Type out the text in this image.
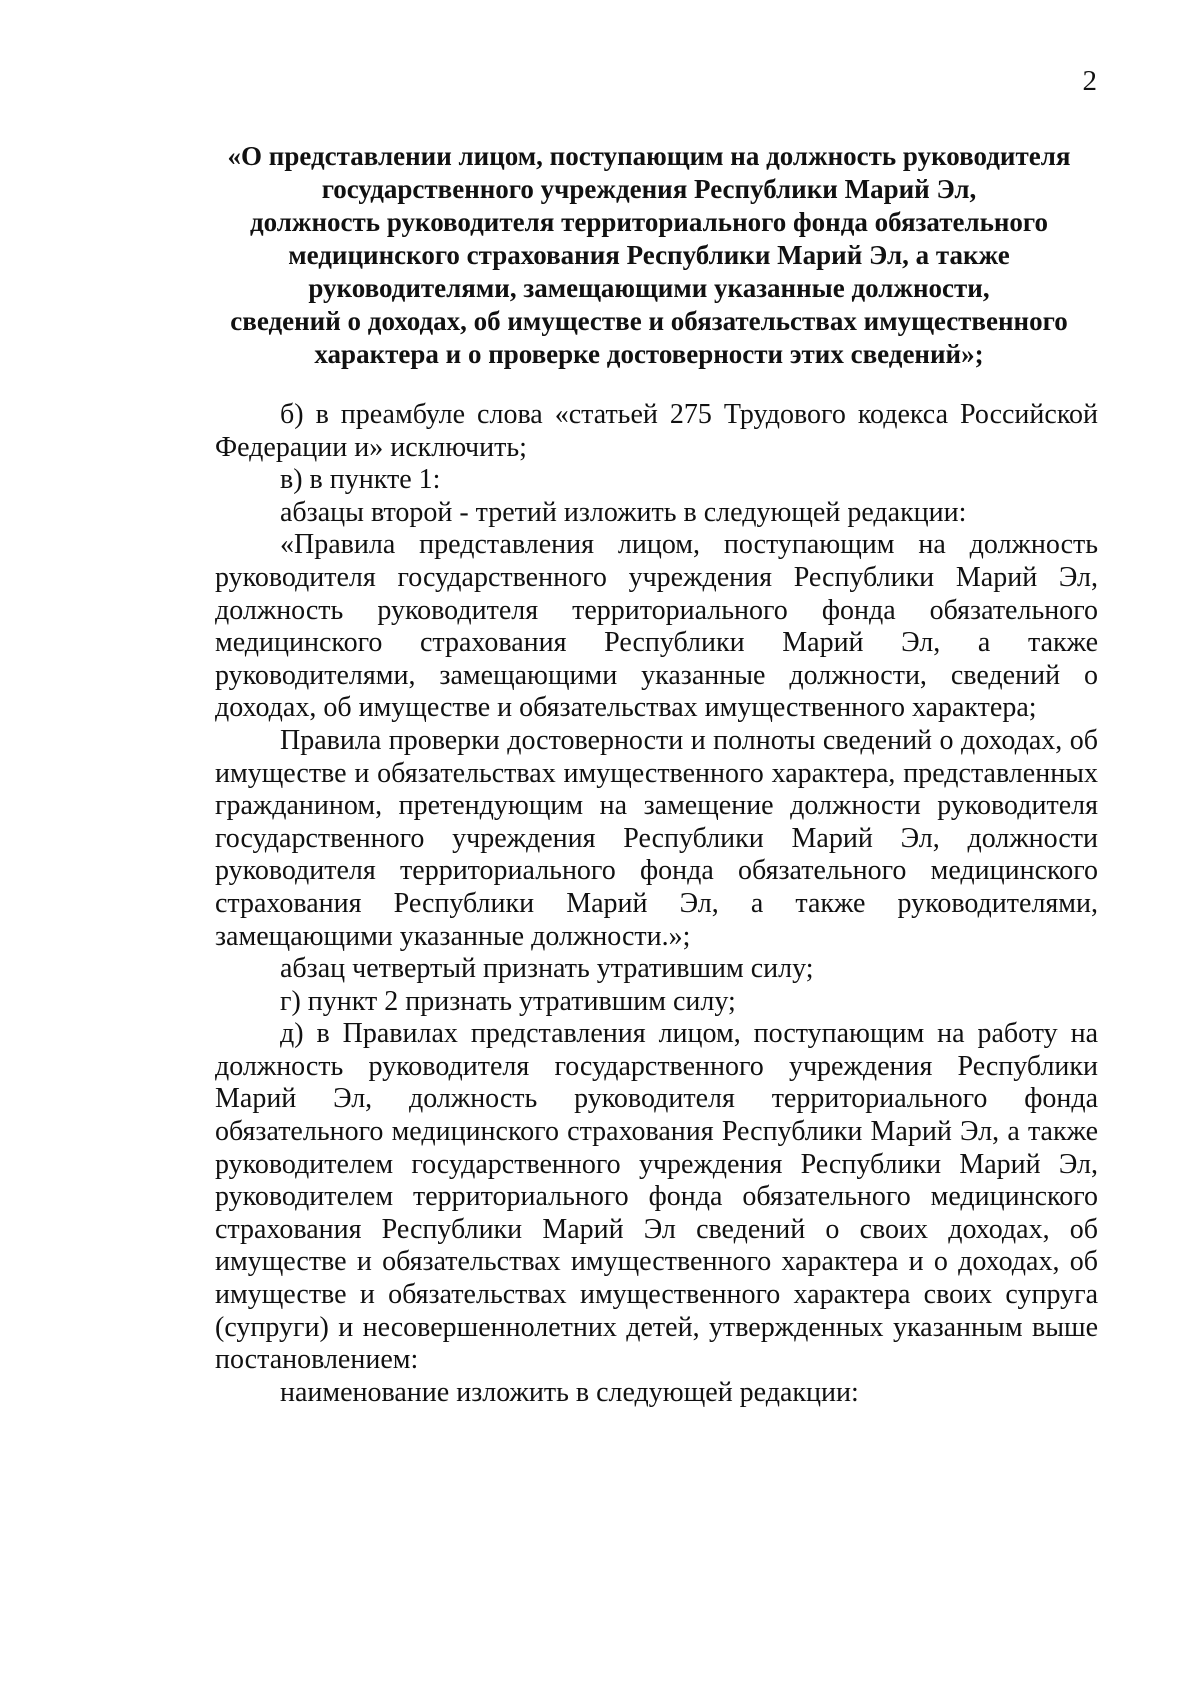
2
«О представлении лицом, поступающим на должность руководителя
государственного учреждения Республики Марий Эл,
должность руководителя территориального фонда обязательного
медицинского страхования Республики Марий Эл, а также
руководителями, замещающими указанные должности,
сведений о доходах, об имуществе и обязательствах имущественного
характера и о проверке достоверности этих сведений»;

б) в преамбуле слова «статьей 275 Трудового кодекса Российской Федерации и» исключить;

в) в пункте 1:

абзацы второй - третий изложить в следующей редакции:

«Правила представления лицом, поступающим на должность руководителя государственного учреждения Республики Марий Эл, должность руководителя территориального фонда обязательного медицинского страхования Республики Марий Эл, а также руководителями, замещающими указанные должности, сведений о доходах, об имуществе и обязательствах имущественного характера;

Правила проверки достоверности и полноты сведений о доходах, об имуществе и обязательствах имущественного характера, представленных гражданином, претендующим на замещение должности руководителя государственного учреждения Республики Марий Эл, должности руководителя территориального фонда обязательного медицинского страхования Республики Марий Эл, а также руководителями, замещающими указанные должности.»;

абзац четвертый признать утратившим силу;

г) пункт 2 признать утратившим силу;

д) в Правилах представления лицом, поступающим на работу на должность руководителя государственного учреждения Республики Марий Эл, должность руководителя территориального фонда обязательного медицинского страхования Республики Марий Эл, а также руководителем государственного учреждения Республики Марий Эл, руководителем территориального фонда обязательного медицинского страхования Республики Марий Эл сведений о своих доходах, об имуществе и обязательствах имущественного характера и о доходах, об имуществе и обязательствах имущественного характера своих супруга (супруги) и несовершеннолетних детей, утвержденных указанным выше постановлением:

наименование изложить в следующей редакции:
